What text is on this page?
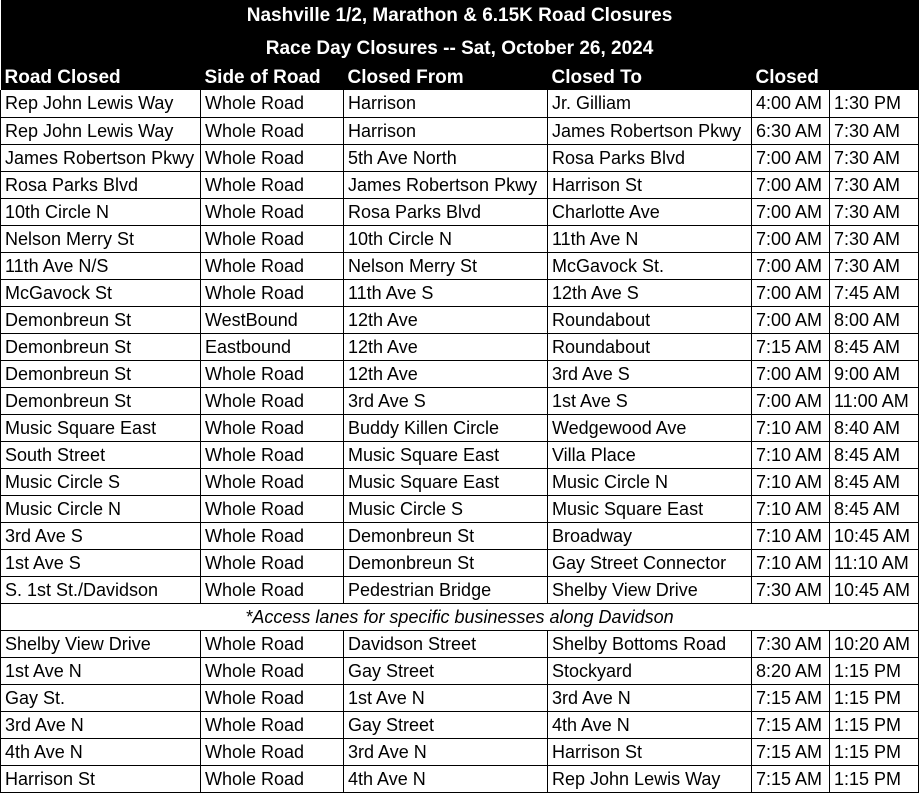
Nashville 1/2, Marathon & 6.15K Road Closures					
Race Day Closures -- Sat, October 26, 2024					
Road Closed	Side of Road	Closed From	Closed To	Closed	
Rep John Lewis Way	Whole Road	Harrison	Jr. Gilliam	4:00 AM	1:30 PM
Rep John Lewis Way	Whole Road	Harrison	James Robertson Pkwy	6:30 AM	7:30 AM
James Robertson Pkwy	Whole Road	5th Ave North	Rosa Parks Blvd	7:00 AM	7:30 AM
Rosa Parks Blvd	Whole Road	James Robertson Pkwy	Harrison St	7:00 AM	7:30 AM
10th Circle N	Whole Road	Rosa Parks Blvd	Charlotte Ave	7:00 AM	7:30 AM
Nelson Merry St	Whole Road	10th Circle N	11th Ave N	7:00 AM	7:30 AM
11th Ave N/S	Whole Road	Nelson Merry St	McGavock St.	7:00 AM	7:30 AM
McGavock St	Whole Road	11th Ave S	12th Ave S	7:00 AM	7:45 AM
Demonbreun St	WestBound	12th Ave	Roundabout	7:00 AM	8:00 AM
Demonbreun St	Eastbound	12th Ave	Roundabout	7:15 AM	8:45 AM
Demonbreun St	Whole Road	12th Ave	3rd Ave S	7:00 AM	9:00 AM
Demonbreun St	Whole Road	3rd Ave S	1st Ave S	7:00 AM	11:00 AM
Music Square East	Whole Road	Buddy Killen Circle	Wedgewood Ave	7:10 AM	8:40 AM
South Street	Whole Road	Music Square East	Villa Place	7:10 AM	8:45 AM
Music Circle S	Whole Road	Music Square East	Music Circle N	7:10 AM	8:45 AM
Music Circle N	Whole Road	Music Circle S	Music Square East	7:10 AM	8:45 AM
3rd Ave S	Whole Road	Demonbreun St	Broadway	7:10 AM	10:45 AM
1st Ave S	Whole Road	Demonbreun St	Gay Street Connector	7:10 AM	11:10 AM
S. 1st St./Davidson	Whole Road	Pedestrian Bridge	Shelby View Drive	7:30 AM	10:45 AM
*Access lanes for specific businesses along Davidson					
Shelby View Drive	Whole Road	Davidson Street	Shelby Bottoms Road	7:30 AM	10:20 AM
1st Ave N	Whole Road	Gay Street	Stockyard	8:20 AM	1:15 PM
Gay St.	Whole Road	1st Ave N	3rd Ave N	7:15 AM	1:15 PM
3rd Ave N	Whole Road	Gay Street	4th Ave N	7:15 AM	1:15 PM
4th Ave N	Whole Road	3rd Ave N	Harrison St	7:15 AM	1:15 PM
Harrison St	Whole Road	4th Ave N	Rep John Lewis Way	7:15 AM	1:15 PM
